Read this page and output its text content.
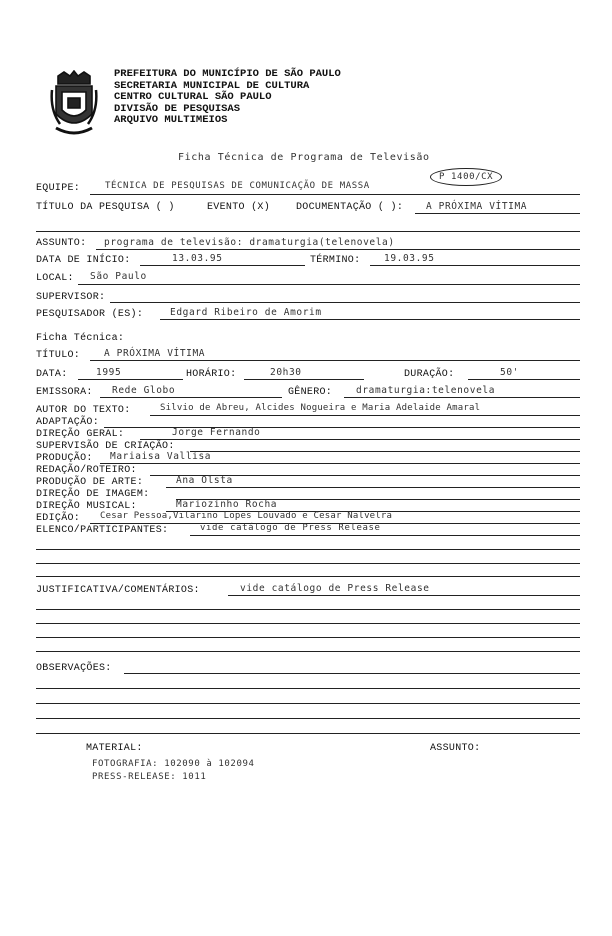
PREFEITURA DO MUNICÍPIO DE SÃO PAULO
SECRETARIA MUNICIPAL DE CULTURA
CENTRO CULTURAL SÃO PAULO
DIVISÃO DE PESQUISAS
ARQUIVO MULTIMEIOS
Ficha Técnica de Programa de Televisão
P 1400/CX
EQUIPE:	TÉCNICA DE PESQUISAS DE COMUNICAÇÃO DE MASSA
TÍTULO DA PESQUISA ( )	EVENTO (X)	DOCUMENTAÇÃO ( ): A PRÓXIMA VÍTIMA
ASSUNTO: programa de televisão: dramaturgia(telenovela)
DATA DE INÍCIO:	13.03.95	TÉRMINO: 19.03.95
LOCAL: São Paulo
SUPERVISOR:
PESQUISADOR (ES):	Edgard Ribeiro de Amorim
Ficha Técnica:
TÍTULO:	A PRÓXIMA VÍTIMA
DATA:	1995	HORÁRIO:	20h30	DURAÇÃO:	50'
EMISSORA: Rede Globo	GÊNERO:	dramaturgia:telenovela
AUTOR DO TEXTO:	Silvio de Abreu, Alcides Nogueira e Maria Adelaide Amaral
ADAPTAÇÃO:
DIREÇÃO GERAL:	Jorge Fernando
SUPERVISÃO DE CRIAÇÃO:
PRODUÇÃO: Mariaisa Vallisa
REDAÇÃO/ROTEIRO:
PRODUÇÃO DE ARTE:	Ana Olsta
DIREÇÃO DE IMAGEM:
DIREÇÃO MUSICAL:	Mariozinho Rocha
EDIÇÃO: Cesar Pessoa,Vilarino Lopes Louvado e Cesar Nalvelra
ELENCO/PARTICIPANTES:	vide catálogo de Press Release
JUSTIFICATIVA/COMENTÁRIOS:	vide catálogo de Press Release
OBSERVAÇÕES:
MATERIAL:
FOTOGRAFIA: 102090 à 102094
PRESS-RELEASE: 1011
ASSUNTO:
